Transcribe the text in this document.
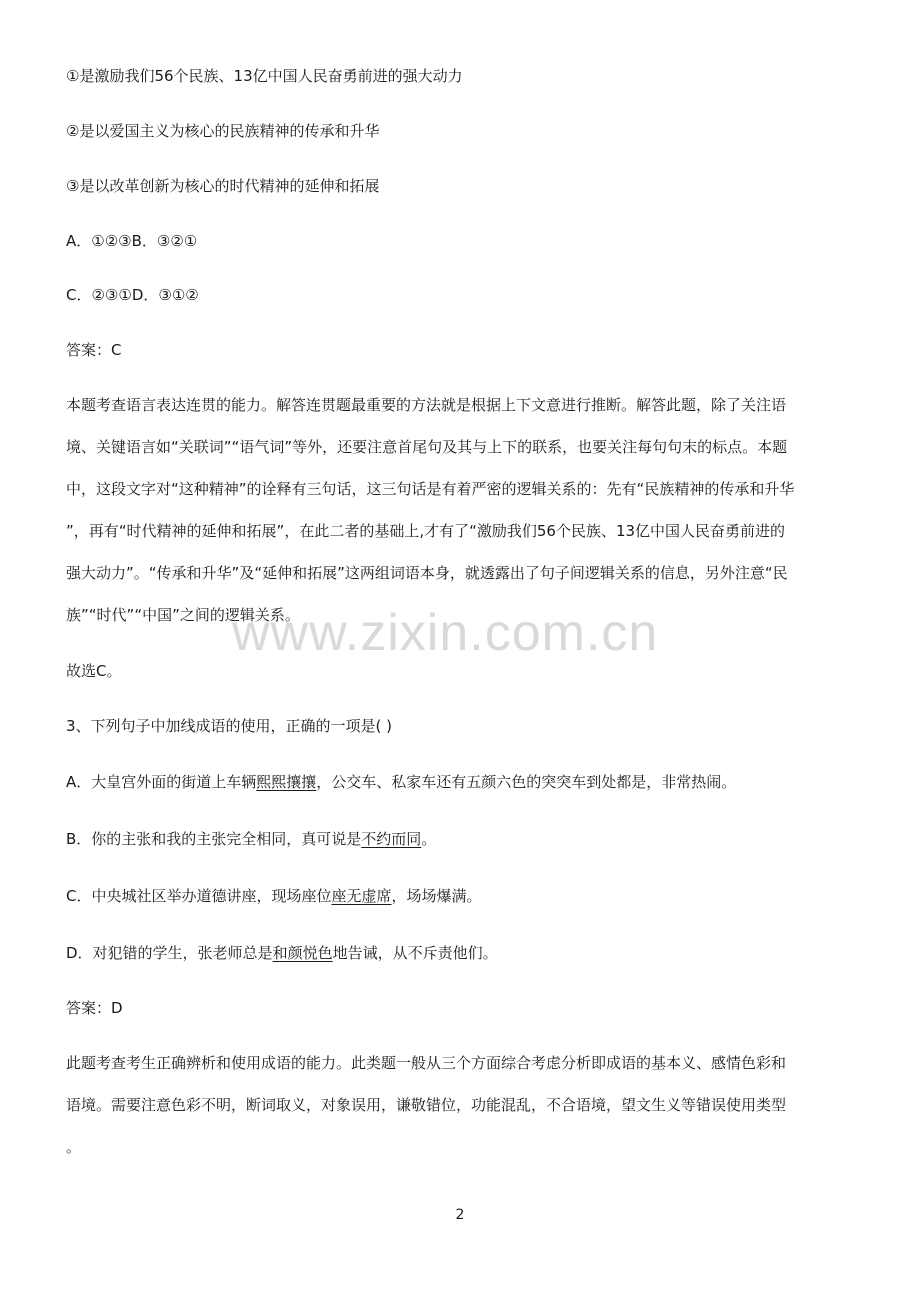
①是激励我们56个民族、13亿中国人民奋勇前进的强大动力
②是以爱国主义为核心的民族精神的传承和升华
③是以改革创新为核心的时代精神的延伸和拓展
A．①②③B．③②①
C．②③①D．③①②
答案：C
本题考查语言表达连贯的能力。解答连贯题最重要的方法就是根据上下文意进行推断。解答此题，除了关注语
境、关键语言如“关联词”“语气词”等外，还要注意首尾句及其与上下的联系，也要关注每句句末的标点。本题
中，这段文字对“这种精神”的诠释有三句话，这三句话是有着严密的逻辑关系的：先有“民族精神的传承和升华
”，再有“时代精神的延伸和拓展”，在此二者的基础上,才有了“激励我们56个民族、13亿中国人民奋勇前进的
强大动力”。“传承和升华”及“延伸和拓展”这两组词语本身，就透露出了句子间逻辑关系的信息，另外注意“民
族”“时代”“中国”之间的逻辑关系。
www.zixin.com.cn
故选C。
3、下列句子中加线成语的使用，正确的一项是( )
A．大皇宫外面的街道上车辆熙熙攘攘，公交车、私家车还有五颜六色的突突车到处都是，非常热闹。
B．你的主张和我的主张完全相同，真可说是不约而同。
C．中央城社区举办道德讲座，现场座位座无虚席，场场爆满。
D．对犯错的学生，张老师总是和颜悦色地告诫，从不斥责他们。
答案：D
此题考查考生正确辨析和使用成语的能力。此类题一般从三个方面综合考虑分析即成语的基本义、感情色彩和
语境。需要注意色彩不明，断词取义，对象误用，谦敬错位，功能混乱，不合语境，望文生义等错误使用类型
。
2
